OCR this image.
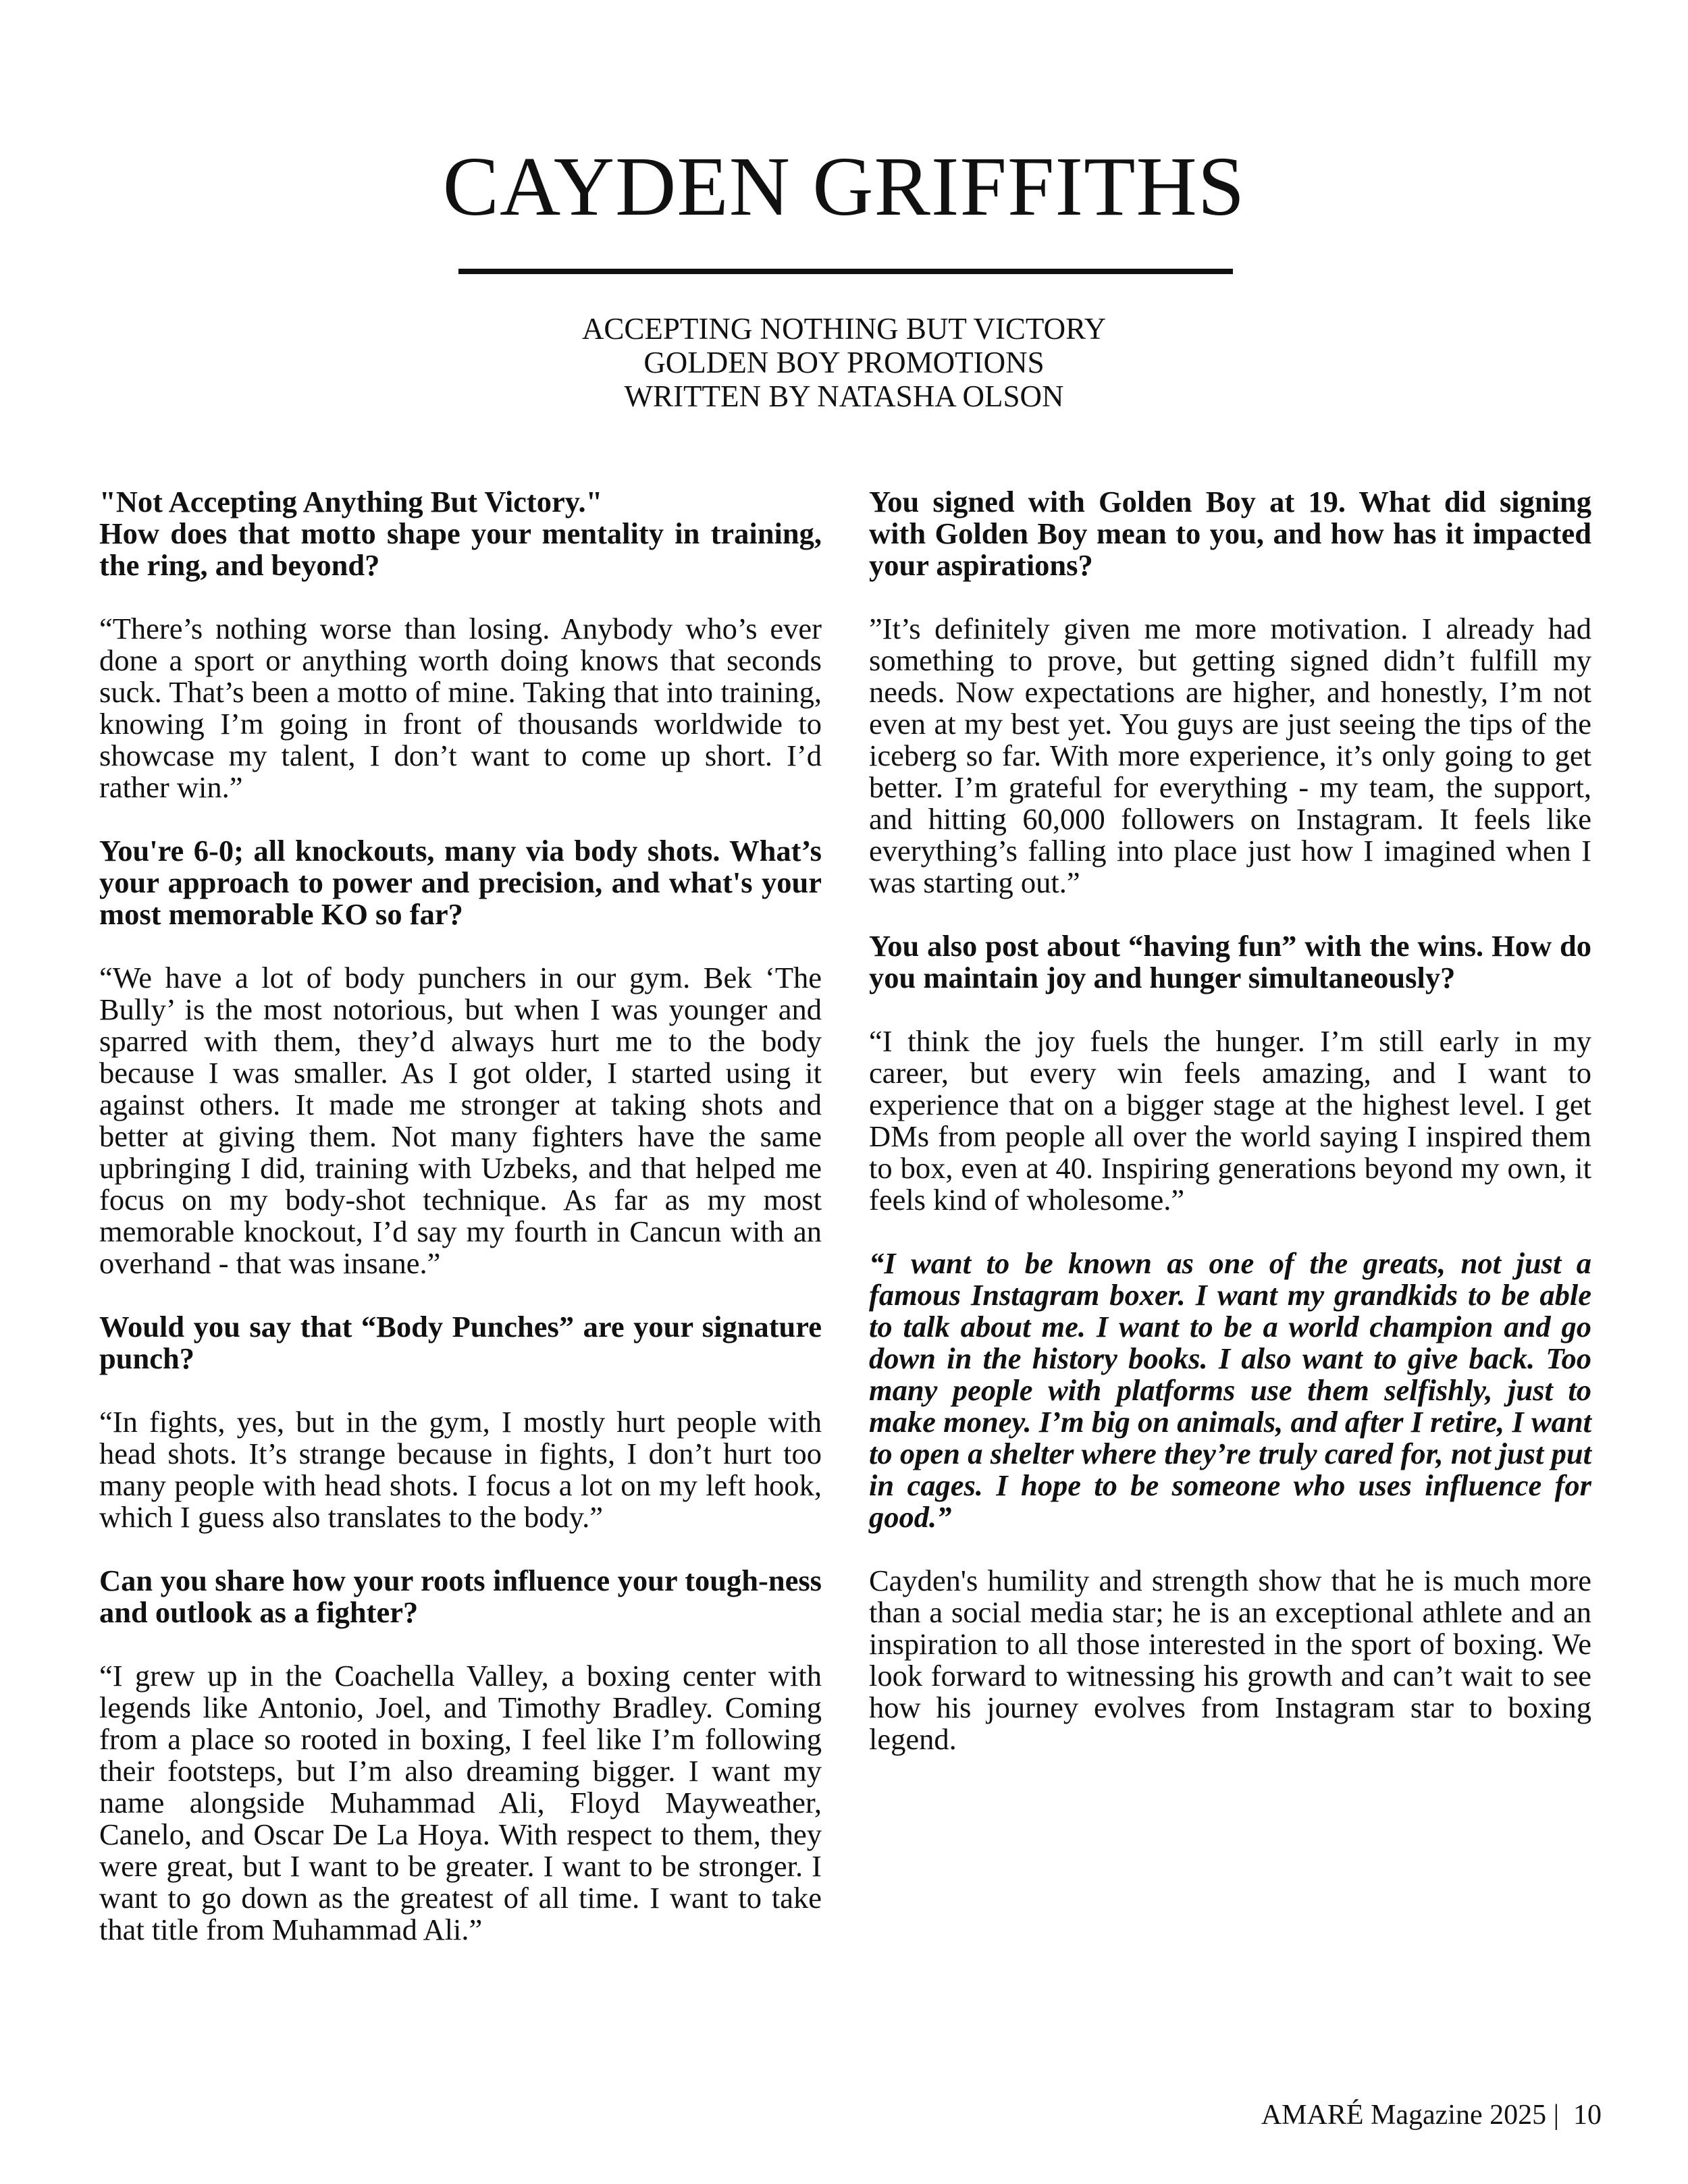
CAYDEN GRIFFITHS
ACCEPTING NOTHING BUT VICTORY
GOLDEN BOY PROMOTIONS
WRITTEN BY NATASHA OLSON
"Not Accepting Anything But Victory."
How does that motto shape your mentality in training, the ring, and beyond?

“There’s nothing worse than losing. Anybody who’s ever done a sport or anything worth doing knows that seconds suck. That’s been a motto of mine. Taking that into training, knowing I’m going in front of thousands worldwide to showcase my talent, I don’t want to come up short. I’d rather win.”

You're 6-0; all knockouts, many via body shots. What’s your approach to power and precision, and what's your most memorable KO so far?

“We have a lot of body punchers in our gym. Bek ‘The Bully’ is the most notorious, but when I was younger and sparred with them, they’d always hurt me to the body because I was smaller. As I got older, I started using it against others. It made me stronger at taking shots and better at giving them. Not many fighters have the same upbringing I did, training with Uzbeks, and that helped me focus on my body-shot technique. As far as my most memorable knockout, I’d say my fourth in Cancun with an overhand - that was insane.”

Would you say that “Body Punches” are your signature punch?

“In fights, yes, but in the gym, I mostly hurt people with head shots. It’s strange because in fights, I don’t hurt too many people with head shots. I focus a lot on my left hook, which I guess also translates to the body.”

Can you share how your roots influence your tough-ness and outlook as a fighter?

“I grew up in the Coachella Valley, a boxing center with legends like Antonio, Joel, and Timothy Bradley. Coming from a place so rooted in boxing, I feel like I’m following their footsteps, but I’m also dreaming bigger. I want my name alongside Muhammad Ali, Floyd Mayweather, Canelo, and Oscar De La Hoya. With respect to them, they were great, but I want to be greater. I want to be stronger. I want to go down as the greatest of all time. I want to take that title from Muhammad Ali.”

You signed with Golden Boy at 19. What did signing with Golden Boy mean to you, and how has it impacted your aspirations?

”It’s definitely given me more motivation. I already had something to prove, but getting signed didn’t fulfill my needs. Now expectations are higher, and honestly, I’m not even at my best yet. You guys are just seeing the tips of the iceberg so far. With more experience, it’s only going to get better. I’m grateful for everything - my team, the support, and hitting 60,000 followers on Instagram. It feels like everything’s falling into place just how I imagined when I was starting out.”

You also post about “having fun” with the wins. How do you maintain joy and hunger simultaneously?

“I think the joy fuels the hunger. I’m still early in my career, but every win feels amazing, and I want to experience that on a bigger stage at the highest level. I get DMs from people all over the world saying I inspired them to box, even at 40. Inspiring generations beyond my own, it feels kind of wholesome.”

“I want to be known as one of the greats, not just a famous Instagram boxer. I want my grandkids to be able to talk about me. I want to be a world champion and go down in the history books. I also want to give back. Too many people with platforms use them selfishly, just to make money. I’m big on animals, and after I retire, I want to open a shelter where they’re truly cared for, not just put in cages. I hope to be someone who uses influence for good.”

Cayden's humility and strength show that he is much more than a social media star; he is an exceptional athlete and an inspiration to all those interested in the sport of boxing. We look forward to witnessing his growth and can’t wait to see how his journey evolves from Instagram star to boxing legend.

AMARÉ Magazine 2025 |  10
